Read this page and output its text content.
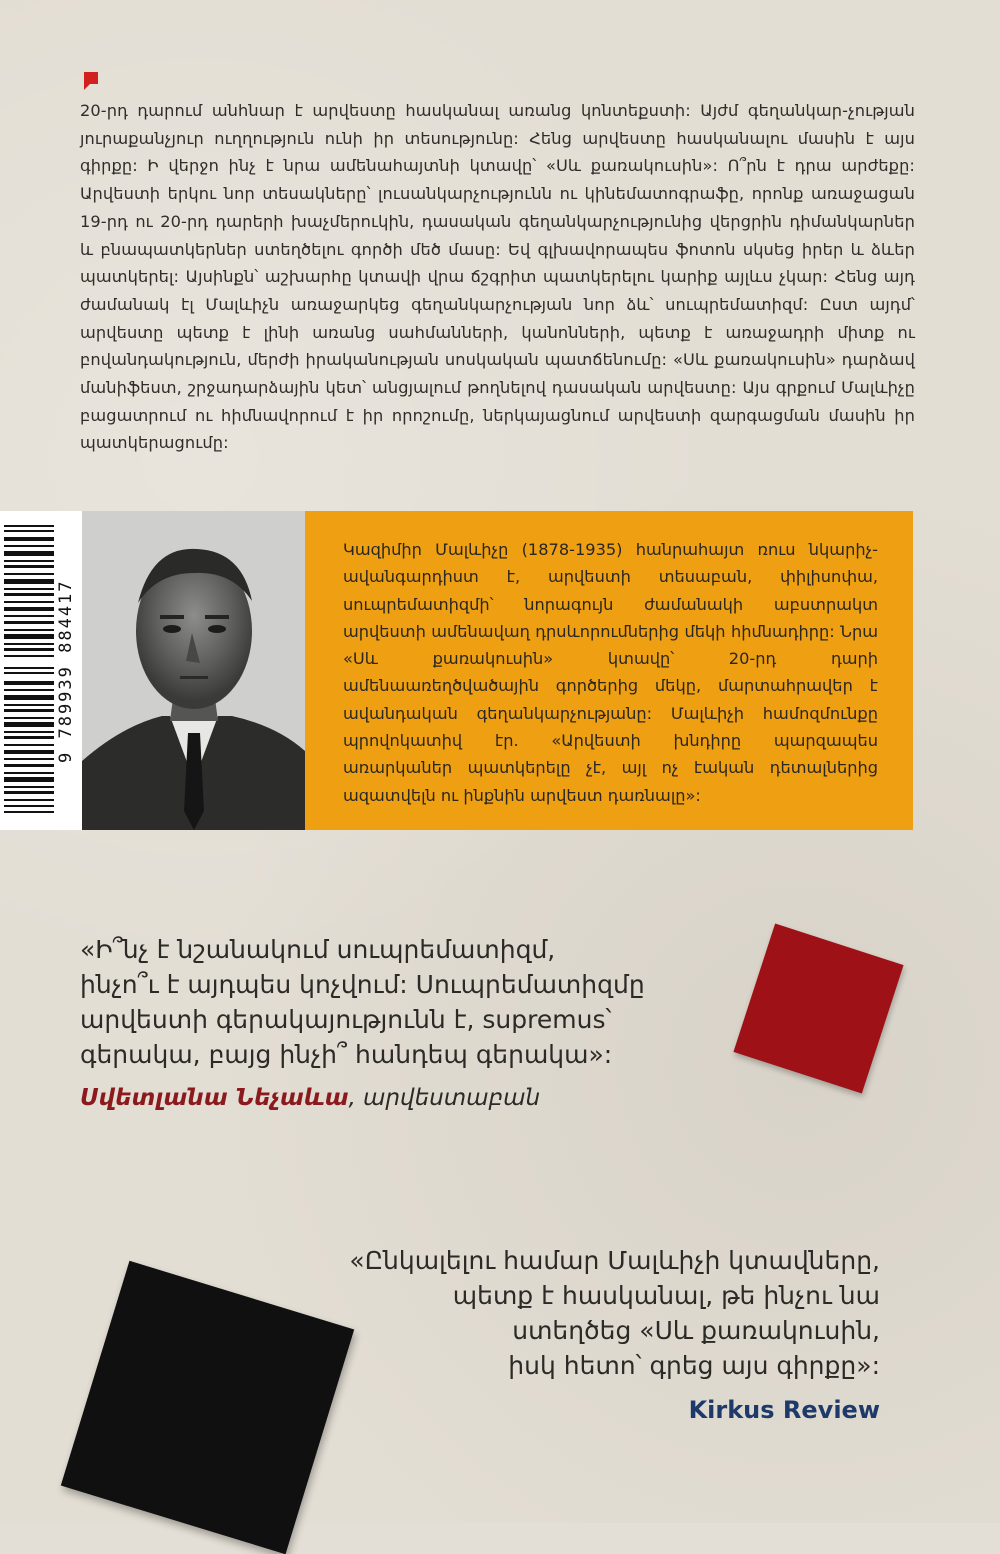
20-րդ դարում անհնար է արվեստը հասկանալ առանց կոնտեքստի: Այժմ գեղանկար-չության յուրաքանչյուր ուղղություն ունի իր տեսությունը: Հենց արվեստը հասկանալու մասին է այս գիրքը: Ի վերջո ինչ է նրա ամենահայտնի կտավը՝ «Սև քառակուսին»: Ո՞րն է դրա արժեքը: Արվեստի երկու նոր տեսակները՝ լուսանկարչությունն ու կինեմատոգրաֆը, որոնք առաջացան 19-րդ ու 20-րդ դարերի խաչմերուկին, դասական գեղանկարչությունից վերցրին դիմանկարներ և բնապատկերներ ստեղծելու գործի մեծ մասը: Եվ գլխավորապես ֆոտոն սկսեց իրեր և ձևեր պատկերել: Այսինքն՝ աշխարհը կտավի վրա ճշգրիտ պատկերելու կարիք այլևս չկար: Հենց այդ ժամանակ էլ Մալևիչն առաջարկեց գեղանկարչության նոր ձև՝ սուպրեմատիզմ: Ըստ այդմ՝ արվեստը պետք է լինի առանց սահմանների, կանոնների, պետք է առաջադրի միտք ու բովանդակություն, մերժի իրականության սոսկական պատճենումը: «Սև քառակուսին» դարձավ մանիֆեստ, շրջադարձային կետ՝ անցյալում թողնելով դասական արվեստը: Այս գրքում Մալևիչը բացատրում ու հիմնավորում է իր որոշումը, ներկայացնում արվեստի զարգացման մասին իր պատկերացումը:
9 789939 884417
Կազիմիր Մալևիչը (1878-1935) հանրահայտ ռուս նկարիչ-ավանգարդիստ է, արվեստի տեսաբան, փիլիսոփա, սուպրեմատիզմի՝ նորագույն ժամանակի աբստրակտ արվեստի ամենավաղ դրսևորումներից մեկի հիմնադիրը: Նրա «Սև քառակուսին» կտավը՝ 20-րդ դարի ամենաառեղծվածային գործերից մեկը, մարտահրավեր է ավանդական գեղանկարչությանը: Մալևիչի համոզմունքը պրովոկատիվ էր. «Արվեստի խնդիրը պարզապես առարկաներ պատկերելը չէ, այլ ոչ էական դետալներից ազատվելն ու ինքնին արվեստ դառնալը»:
«Ի՞նչ է նշանակում սուպրեմատիզմ,
ինչո՞ւ է այդպես կոչվում: Սուպրեմատիզմը
արվեստի գերակայությունն է, supremus՝
գերակա, բայց ինչի՞ հանդեպ գերակա»:
Սվետլանա Նեչաևա, արվեստաբան
«Ընկալելու համար Մալևիչի կտավները,
պետք է հասկանալ, թե ինչու նա
ստեղծեց «Սև քառակուսին,
իսկ հետո՝ գրեց այս գիրքը»:
Kirkus Review
